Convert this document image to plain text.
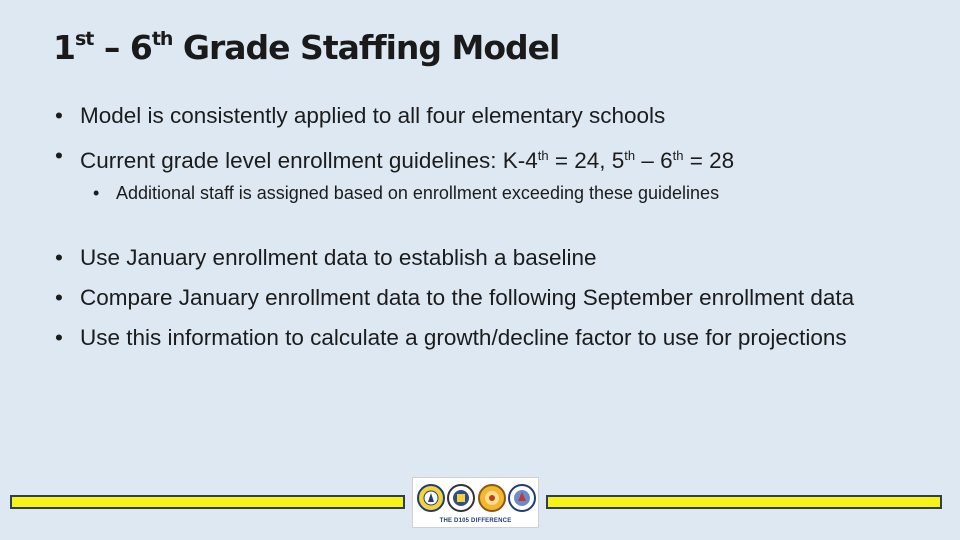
1st – 6th Grade Staffing Model
• Model is consistently applied to all four elementary schools
• Current grade level enrollment guidelines: K-4th = 24, 5th – 6th = 28
• Additional staff is assigned based on enrollment exceeding these guidelines
• Use January enrollment data to establish a baseline
• Compare January enrollment data to the following September enrollment data
• Use this information to calculate a growth/decline factor to use for projections
THE D105 DIFFERENCE
